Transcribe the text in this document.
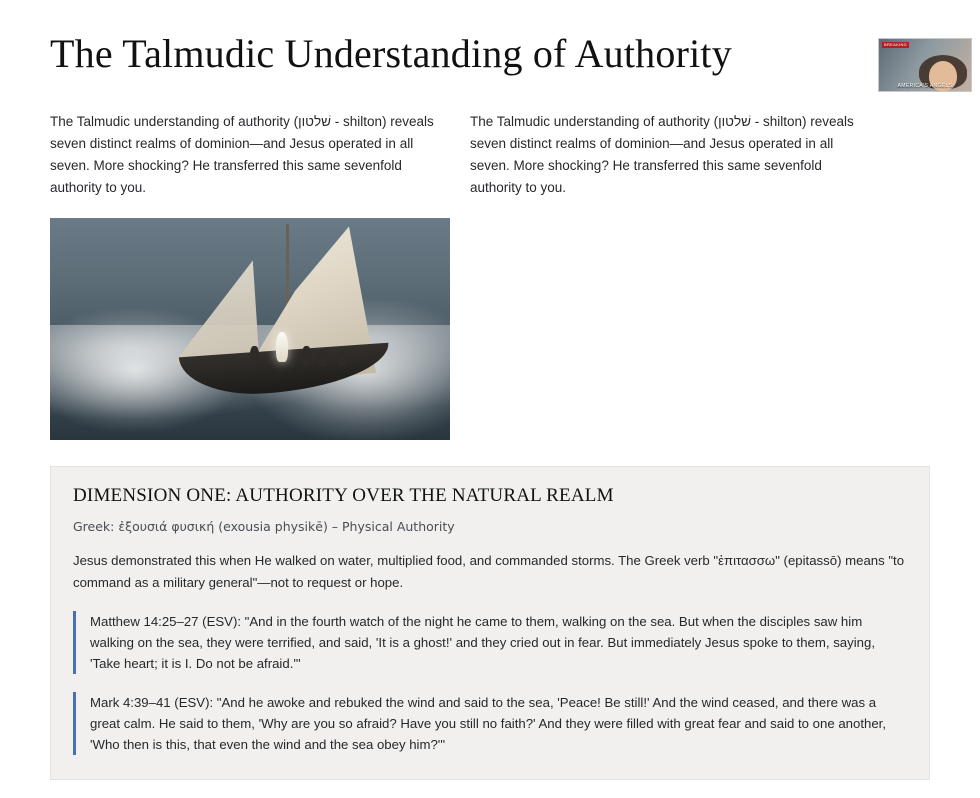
The Talmudic Understanding of Authority

The Talmudic understanding of authority (שׁלטון - shilton) reveals seven distinct realms of dominion—and Jesus operated in all seven. More shocking? He transferred this same sevenfold authority to you.

The Talmudic understanding of authority (שׁלטון - shilton) reveals seven distinct realms of dominion—and Jesus operated in all seven. More shocking? He transferred this same sevenfold authority to you.

DIMENSION ONE: AUTHORITY OVER THE NATURAL REALM

Greek: ἐξουσιά φυσική (exousia physikē) – Physical Authority

Jesus demonstrated this when He walked on water, multiplied food, and commanded storms. The Greek verb "ἐπιτασσω" (epitassō) means "to command as a military general"—not to request or hope.

Matthew 14:25–27 (ESV): "And in the fourth watch of the night he came to them, walking on the sea. But when the disciples saw him walking on the sea, they were terrified, and said, 'It is a ghost!' and they cried out in fear. But immediately Jesus spoke to them, saying, 'Take heart; it is I. Do not be afraid.'"
Mark 4:39–41 (ESV): "And he awoke and rebuked the wind and said to the sea, 'Peace! Be still!' And the wind ceased, and there was a great calm. He said to them, 'Why are you so afraid? Have you still no faith?' And they were filled with great fear and said to one another, 'Who then is this, that even the wind and the sea obey him?'"
BREAKING
AMERICA'S ANGELS
